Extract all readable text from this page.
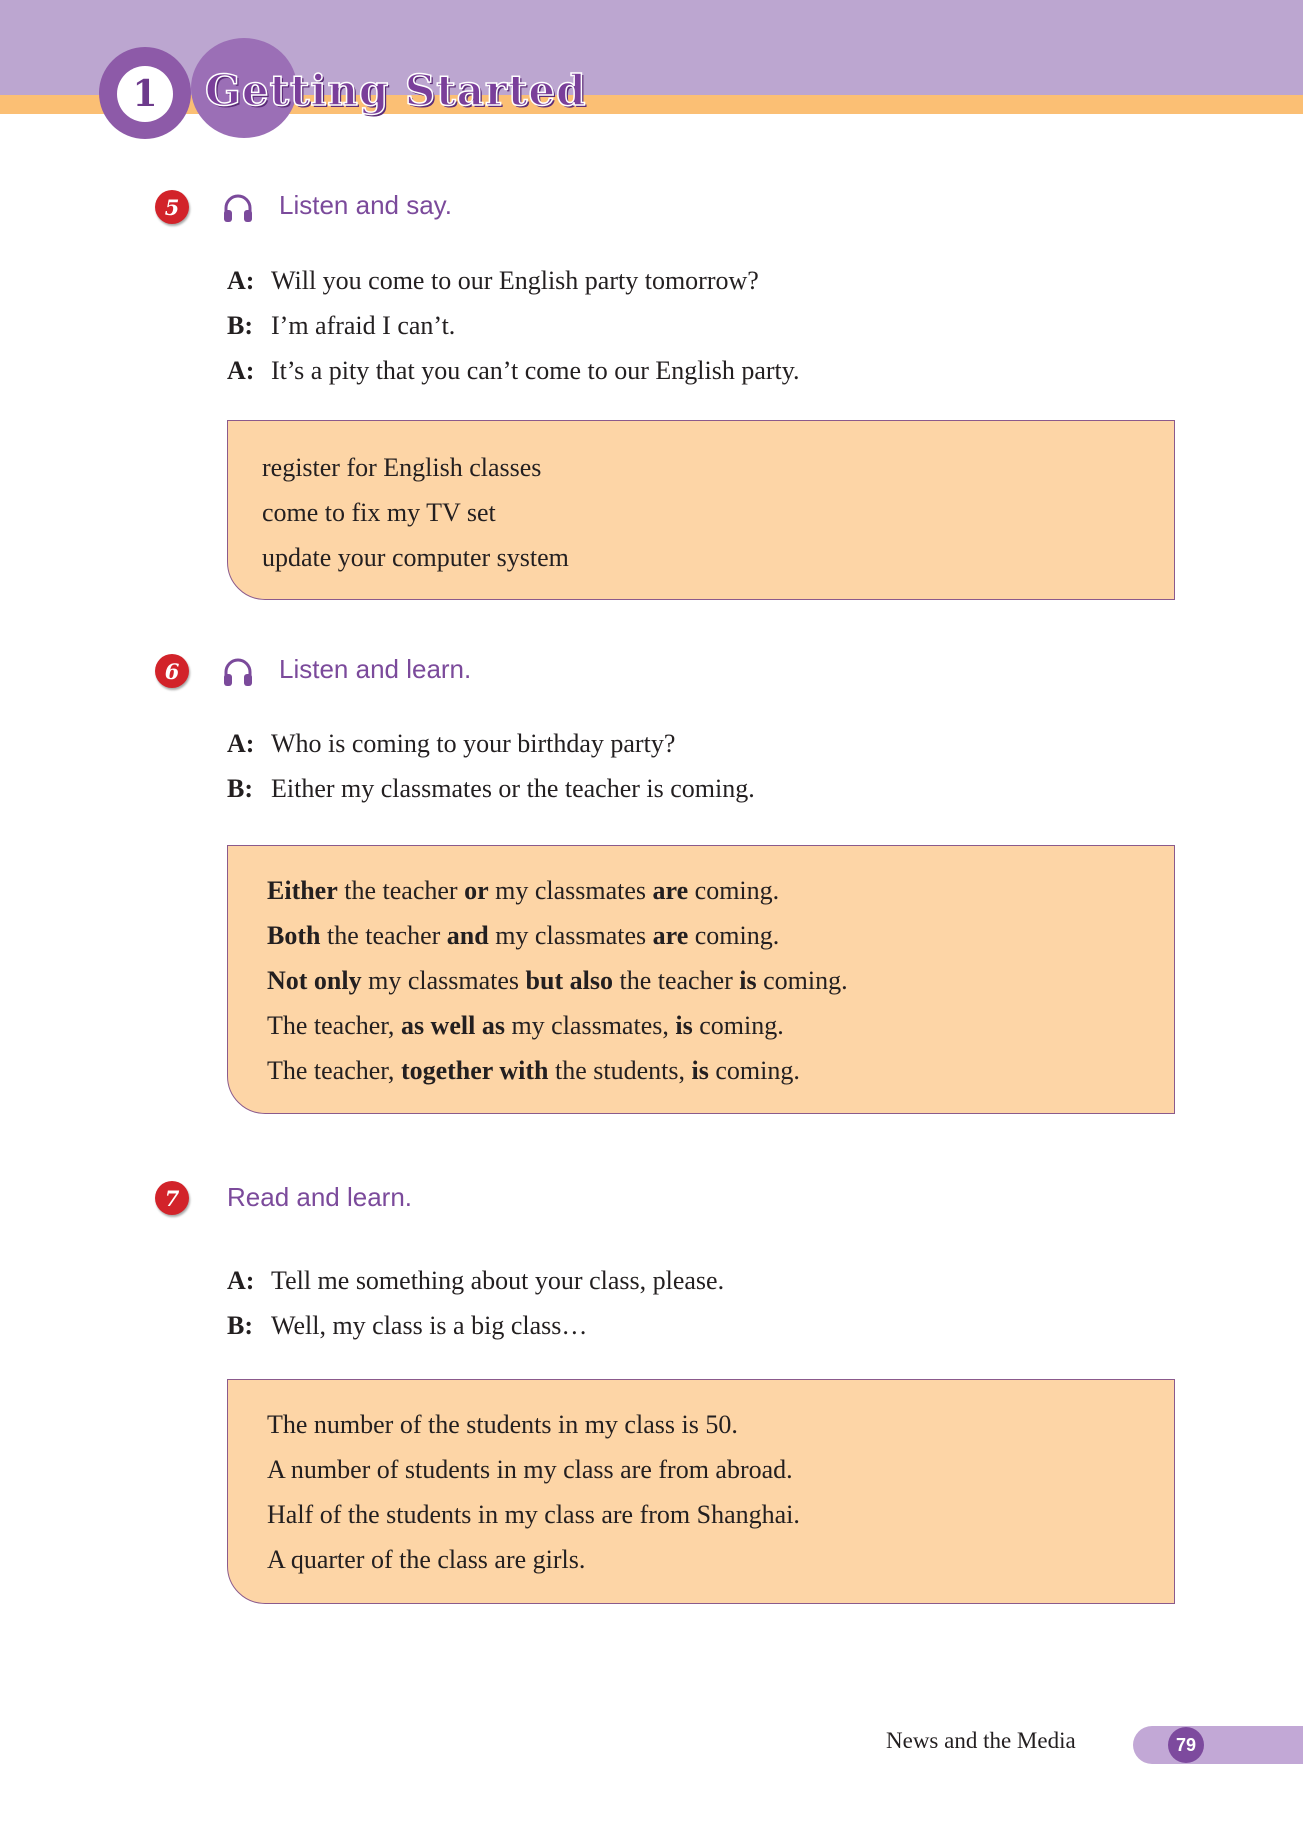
1	Getting Started
5	Listen and say.
A: Will you come to our English party tomorrow?
B: I’m afraid I can’t.
A: It’s a pity that you can’t come to our English party.
register for English classes
come to fix my TV set
update your computer system
6	Listen and learn.
A: Who is coming to your birthday party?
B: Either my classmates or the teacher is coming.
Either the teacher or my classmates are coming.
Both the teacher and my classmates are coming.
Not only my classmates but also the teacher is coming.
The teacher, as well as my classmates, is coming.
The teacher, together with the students, is coming.
7	Read and learn.
A: Tell me something about your class, please.
B: Well, my class is a big class…
The number of the students in my class is 50.
A number of students in my class are from abroad.
Half of the students in my class are from Shanghai.
A quarter of the class are girls.
News and the Media	79
